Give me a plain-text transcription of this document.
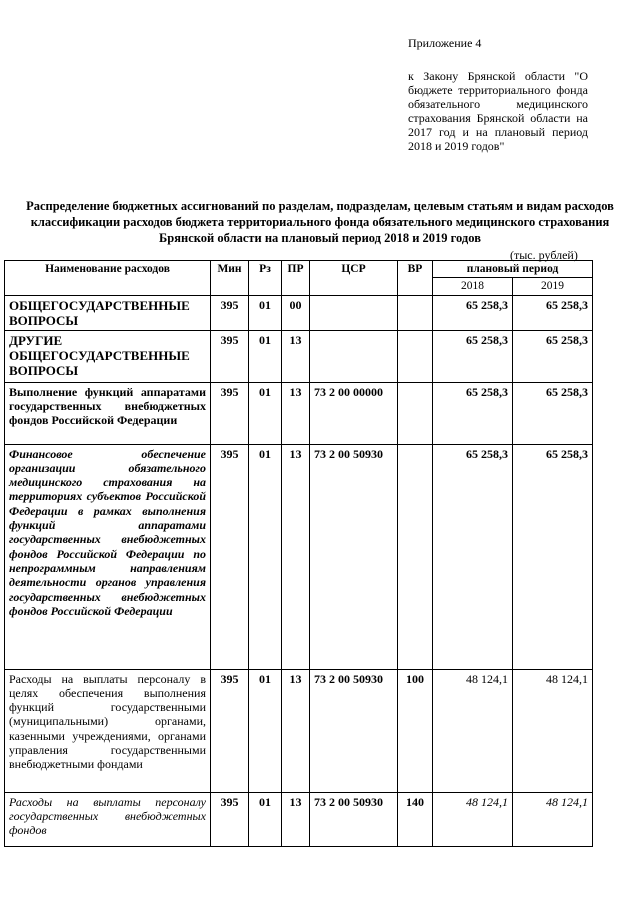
Приложение 4
к Закону Брянской области "О бюджете территориального фонда обязательного медицинского страхования Брянской области на 2017 год и на плановый период 2018 и 2019 годов"
Распределение бюджетных ассигнований по разделам, подразделам, целевым статьям и видам расходов классификации расходов бюджета территориального фонда обязательного медицинского страхования Брянской области на плановый период 2018 и 2019 годов
(тыс. рублей)
Наименование расходов	Мин	Рз	ПР	ЦСР	ВР	плановый период	
						2018	2019
ОБЩЕГОСУДАРСТВЕННЫЕ ВОПРОСЫ	395	01	00			65 258,3	65 258,3
ДРУГИЕ ОБЩЕГОСУДАРСТВЕННЫЕ ВОПРОСЫ	395	01	13			65 258,3	65 258,3
Выполнение функций аппаратами государственных внебюджетных фондов Российской Федерации	395	01	13	73 2 00 00000		65 258,3	65 258,3
Финансовое обеспечение организации обязательного медицинского страхования на территориях субъектов Российской Федерации в рамках выполнения функций аппаратами государственных внебюджетных фондов Российской Федерации по непрограммным направлениям деятельности органов управления государственных внебюджетных фондов Российской Федерации	395	01	13	73 2 00 50930		65 258,3	65 258,3
Расходы на выплаты персоналу в целях обеспечения выполнения функций государственными (муниципальными) органами, казенными учреждениями, органами управления государственными внебюджетными фондами	395	01	13	73 2 00 50930	100	48 124,1	48 124,1
Расходы на выплаты персоналу государственных внебюджетных фондов	395	01	13	73 2 00 50930	140	48 124,1	48 124,1
